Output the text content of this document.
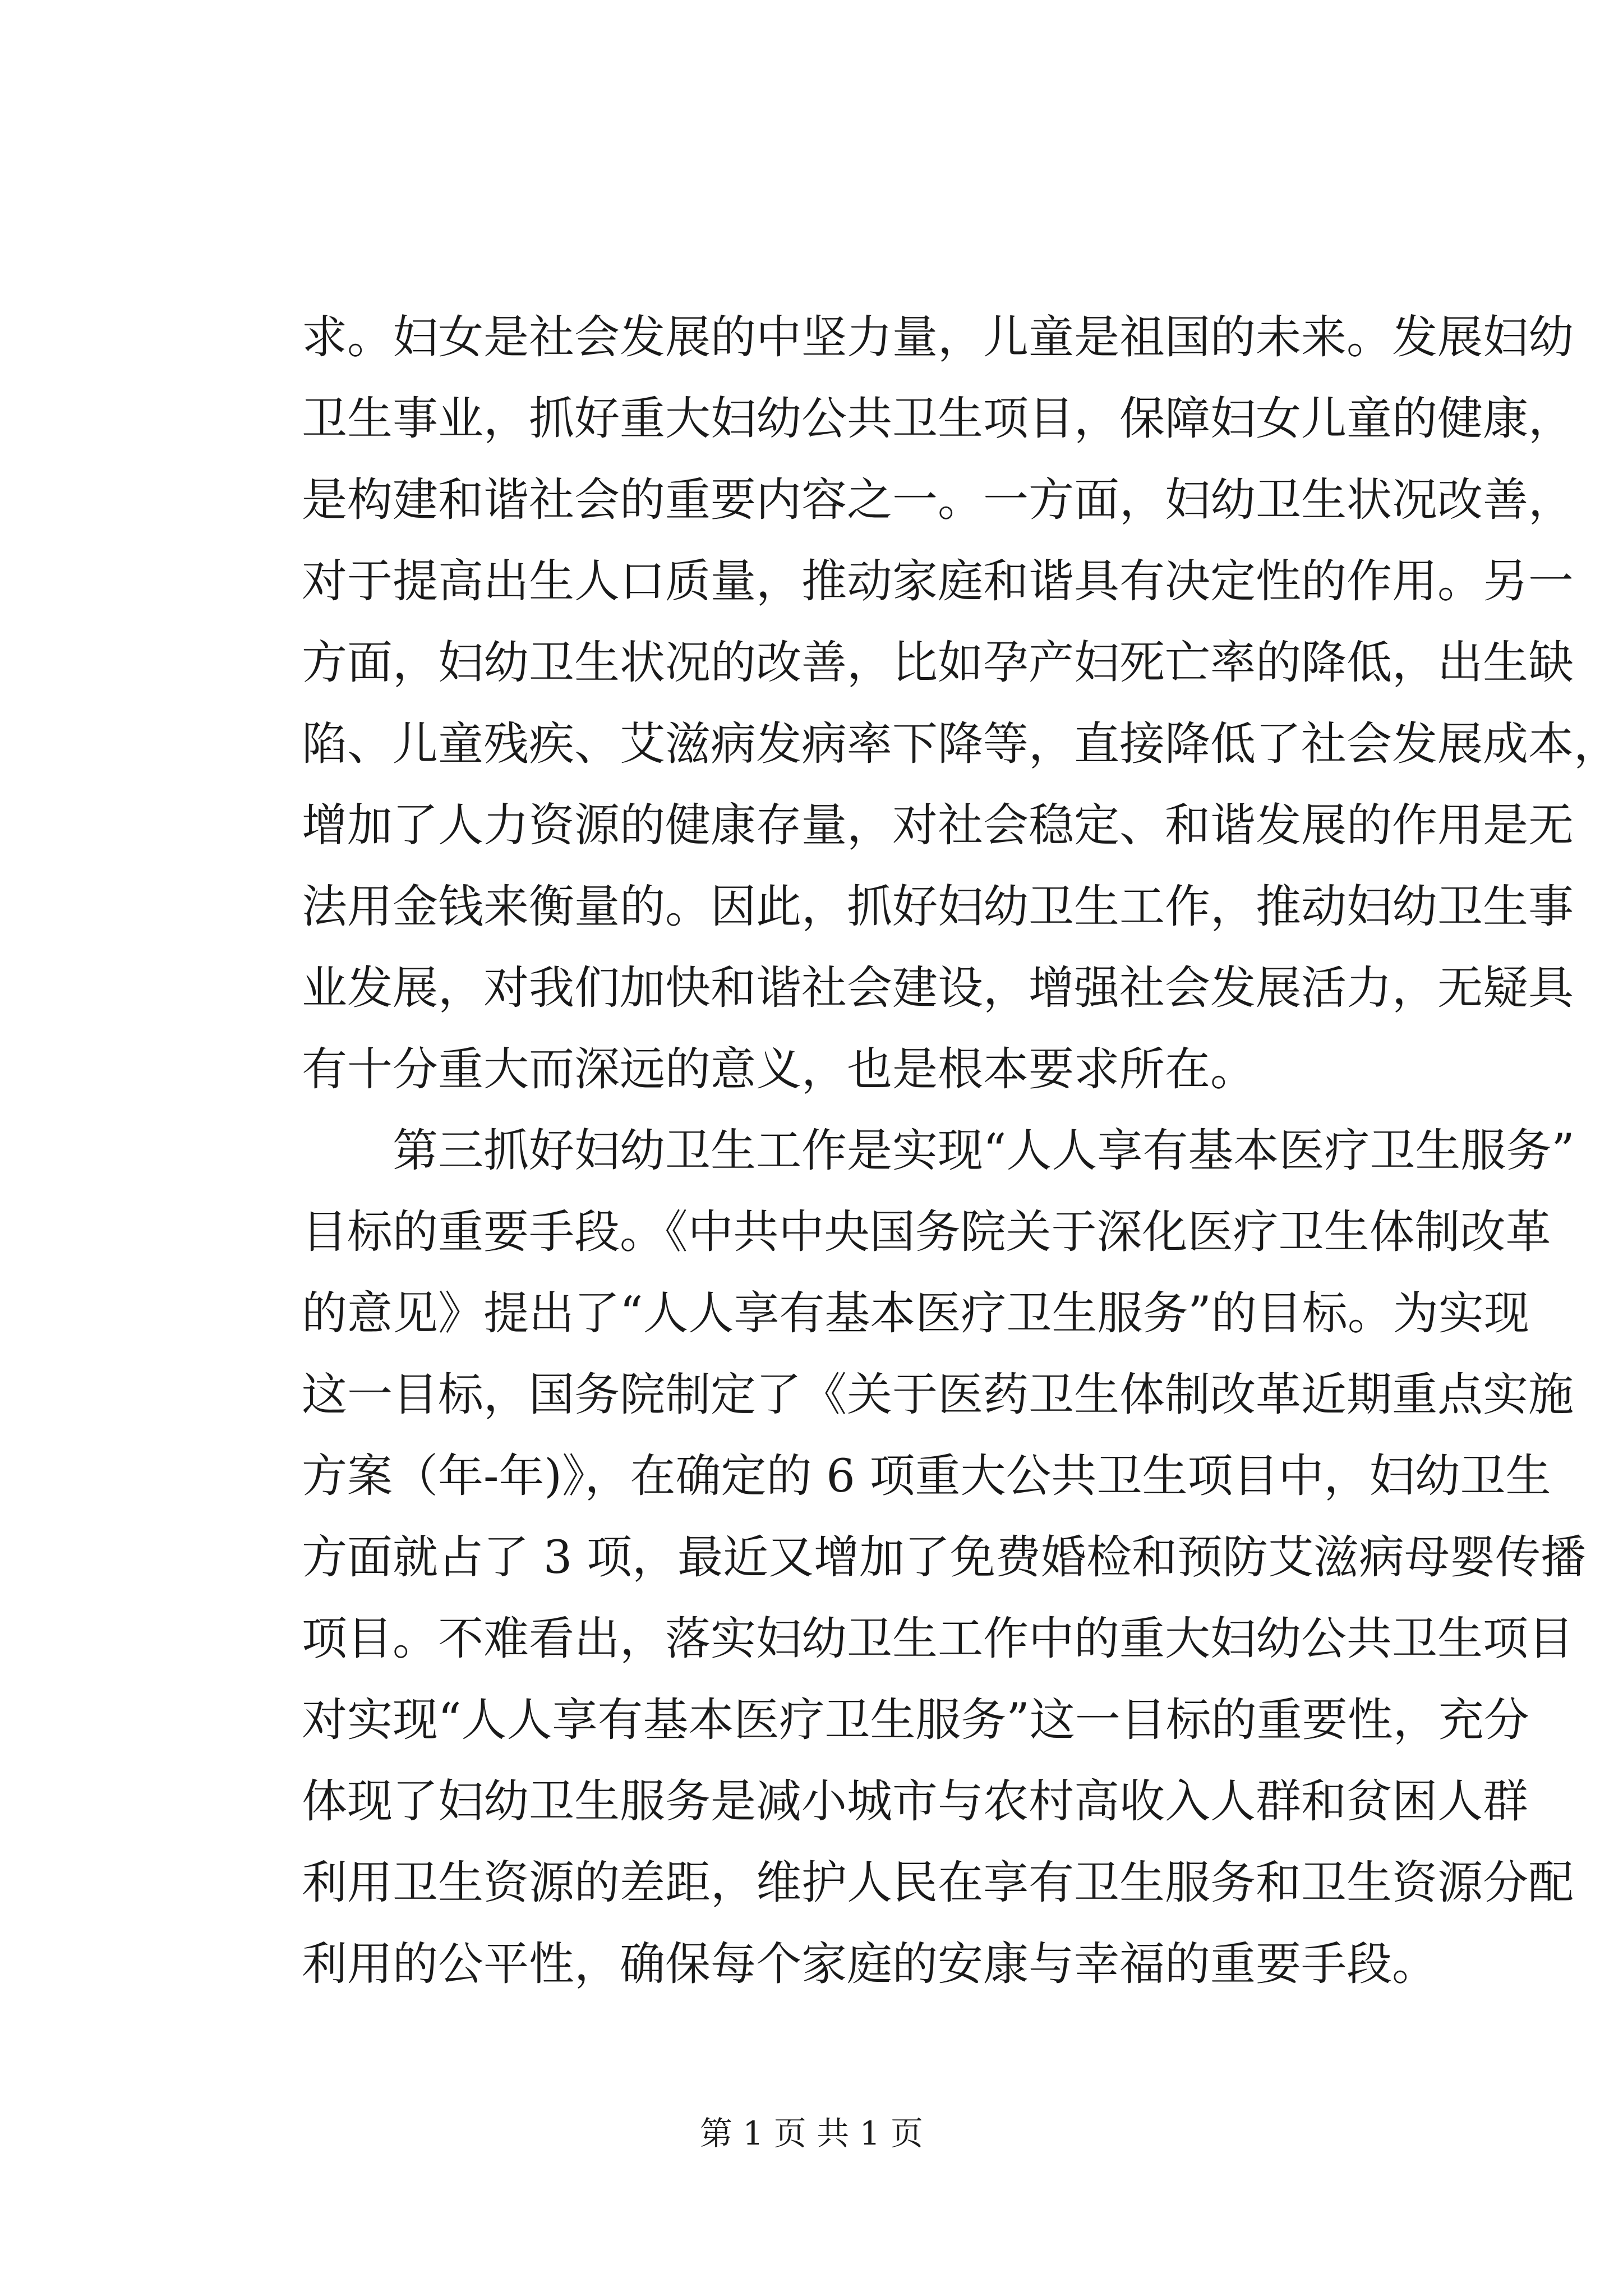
求。妇女是社会发展的中坚力量，儿童是祖国的未来。发展妇幼
卫生事业，抓好重大妇幼公共卫生项目，保障妇女儿童的健康，
是构建和谐社会的重要内容之一。一方面，妇幼卫生状况改善，
对于提高出生人口质量，推动家庭和谐具有决定性的作用。另一
方面，妇幼卫生状况的改善，比如孕产妇死亡率的降低，出生缺
陷、儿童残疾、艾滋病发病率下降等，直接降低了社会发展成本，
增加了人力资源的健康存量，对社会稳定、和谐发展的作用是无
法用金钱来衡量的。因此，抓好妇幼卫生工作，推动妇幼卫生事
业发展，对我们加快和谐社会建设，增强社会发展活力，无疑具
有十分重大而深远的意义，也是根本要求所在。
　　第三抓好妇幼卫生工作是实现“人人享有基本医疗卫生服务”
目标的重要手段。《中共中央国务院关于深化医疗卫生体制改革
的意见》提出了“人人享有基本医疗卫生服务”的目标。为实现
这一目标，国务院制定了《关于医药卫生体制改革近期重点实施
方案（年-年)》，在确定的 6 项重大公共卫生项目中，妇幼卫生
方面就占了 3 项，最近又增加了免费婚检和预防艾滋病母婴传播
项目。不难看出，落实妇幼卫生工作中的重大妇幼公共卫生项目
对实现“人人享有基本医疗卫生服务”这一目标的重要性，充分
体现了妇幼卫生服务是减小城市与农村高收入人群和贫困人群
利用卫生资源的差距，维护人民在享有卫生服务和卫生资源分配
利用的公平性，确保每个家庭的安康与幸福的重要手段。
第 1 页 共 1 页
